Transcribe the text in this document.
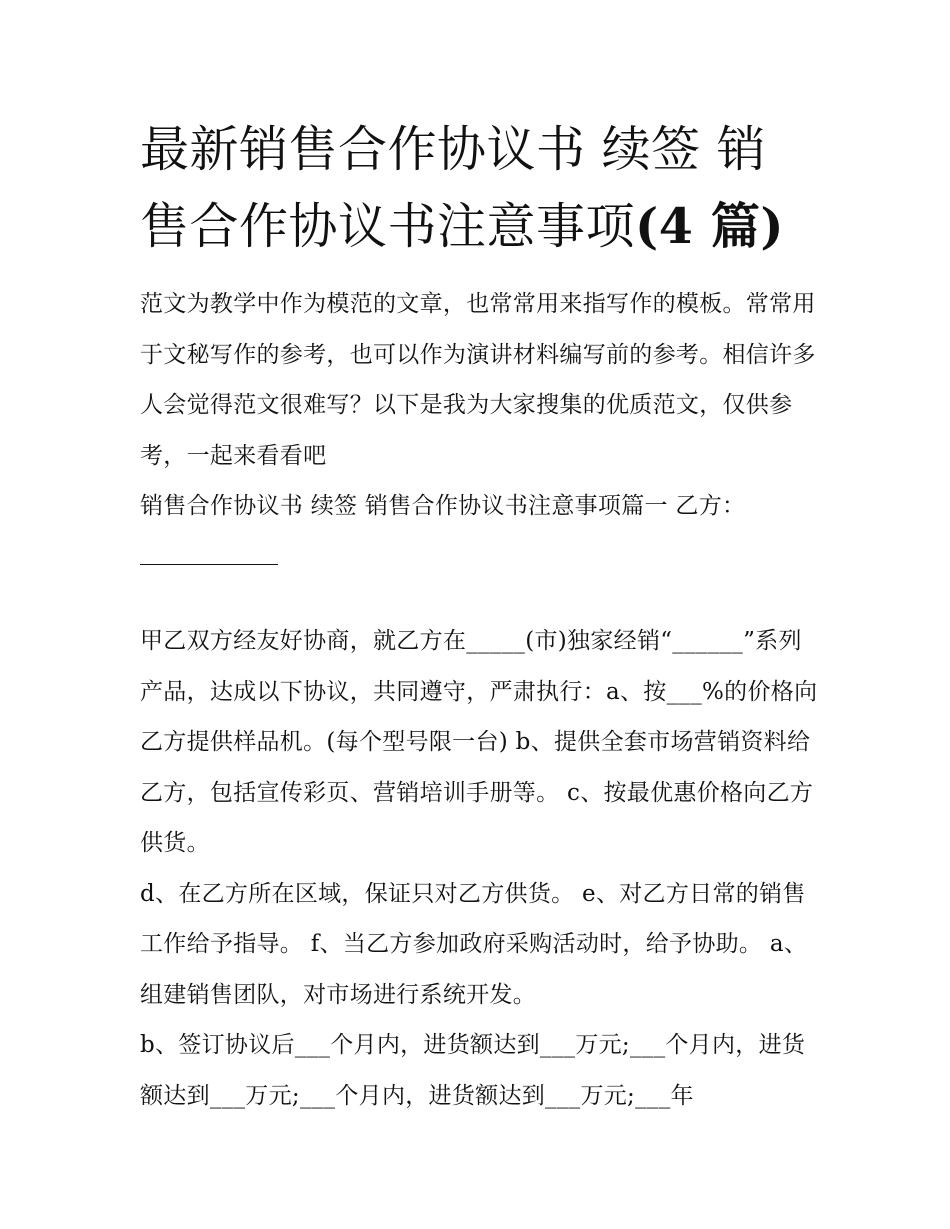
最新销售合作协议书 续签 销
售合作协议书注意事项(4 篇)

范文为教学中作为模范的文章，也常常用来指写作的模板。常常用于文秘写作的参考，也可以作为演讲材料编写前的参考。相信许多人会觉得范文很难写？以下是我为大家搜集的优质范文，仅供参考，一起来看看吧

销售合作协议书 续签 销售合作协议书注意事项篇一 乙方：

甲乙双方经友好协商，就乙方在_____(市)独家经销“______”系列产品，达成以下协议，共同遵守，严肃执行：a、按___%的价格向乙方提供样品机。(每个型号限一台) b、提供全套市场营销资料给乙方，包括宣传彩页、营销培训手册等。 c、按最优惠价格向乙方供货。

d、在乙方所在区域，保证只对乙方供货。 e、对乙方日常的销售工作给予指导。 f、当乙方参加政府采购活动时，给予协助。 a、组建销售团队，对市场进行系统开发。

b、签订协议后___个月内，进货额达到___万元;___个月内，进货额达到___万元;___个月内，进货额达到___万元;___年
